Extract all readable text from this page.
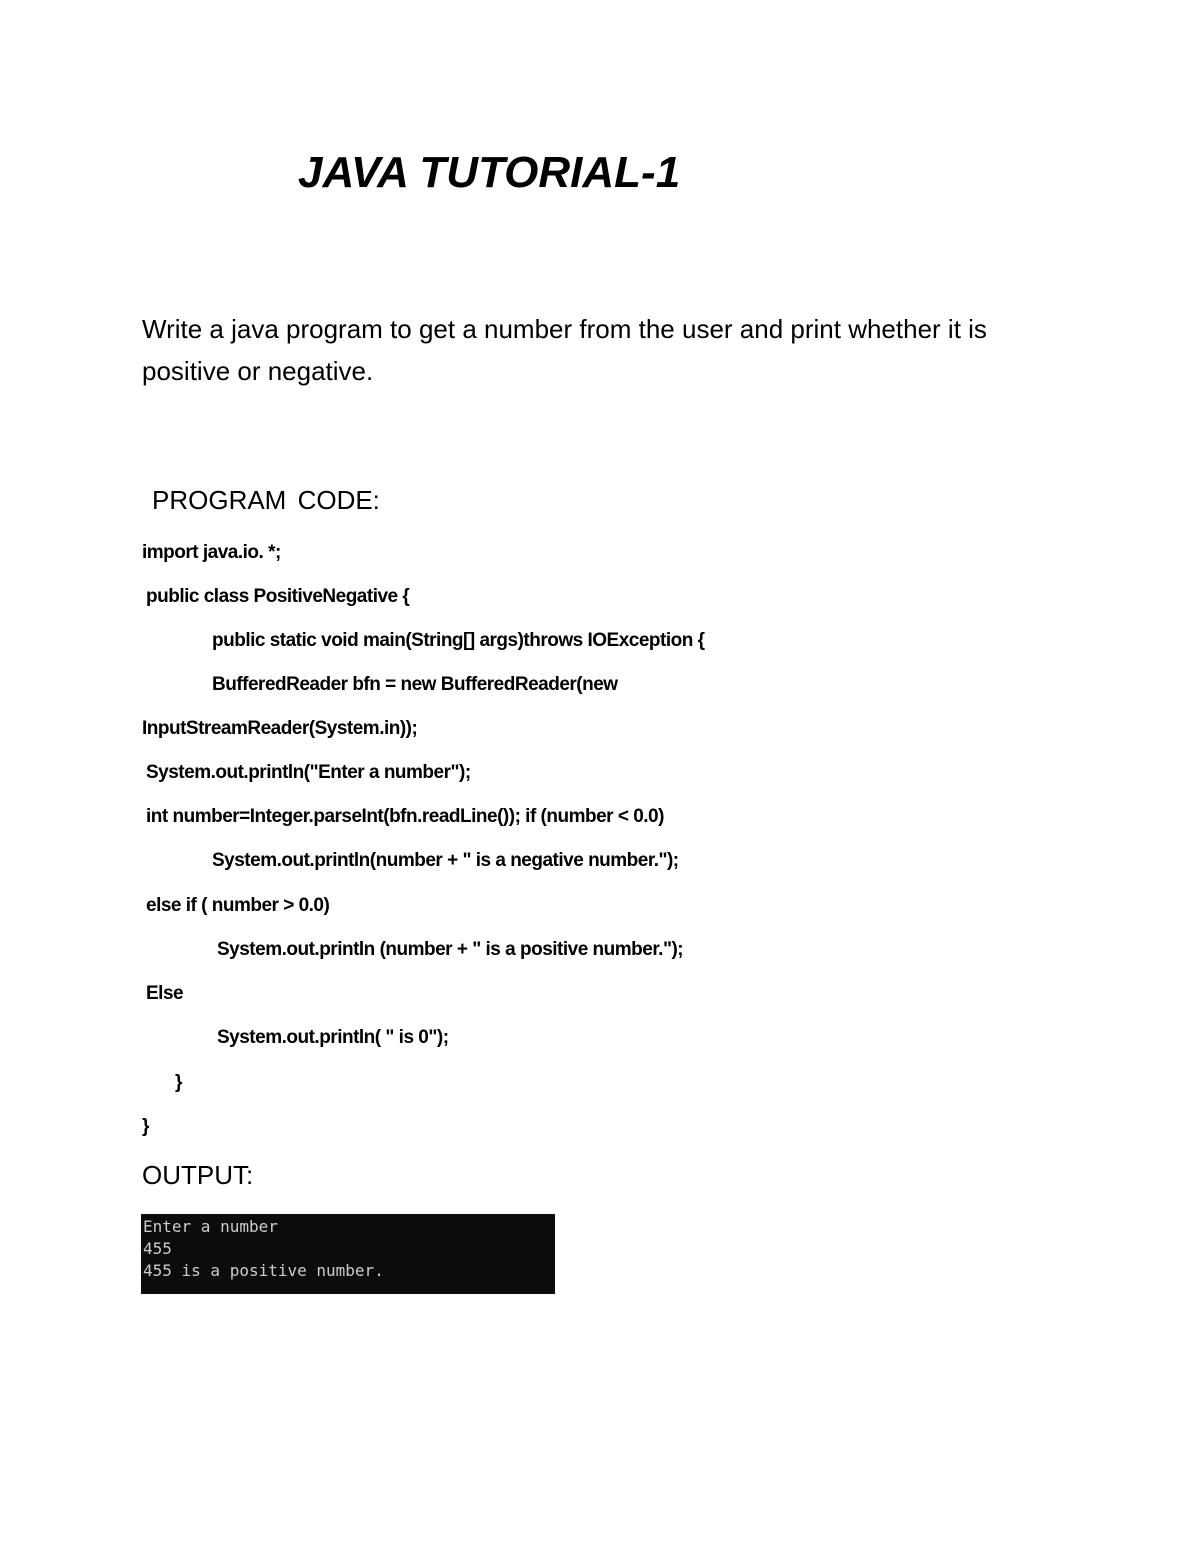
JAVA TUTORIAL-1
Write a java program to get a number from the user and print whether it is positive or negative.
PROGRAM CODE:
import java.io. *;
public class PositiveNegative {
public static void main(String[] args)throws IOException {
BufferedReader bfn = new BufferedReader(new
InputStreamReader(System.in));
System.out.println("Enter a number");
int number=Integer.parseInt(bfn.readLine()); if (number < 0.0)
System.out.println(number + " is a negative number.");
else if ( number > 0.0)
System.out.println (number + " is a positive number.");
Else
System.out.println( " is 0");
}
}
OUTPUT:
Enter a number
455
455 is a positive number.
